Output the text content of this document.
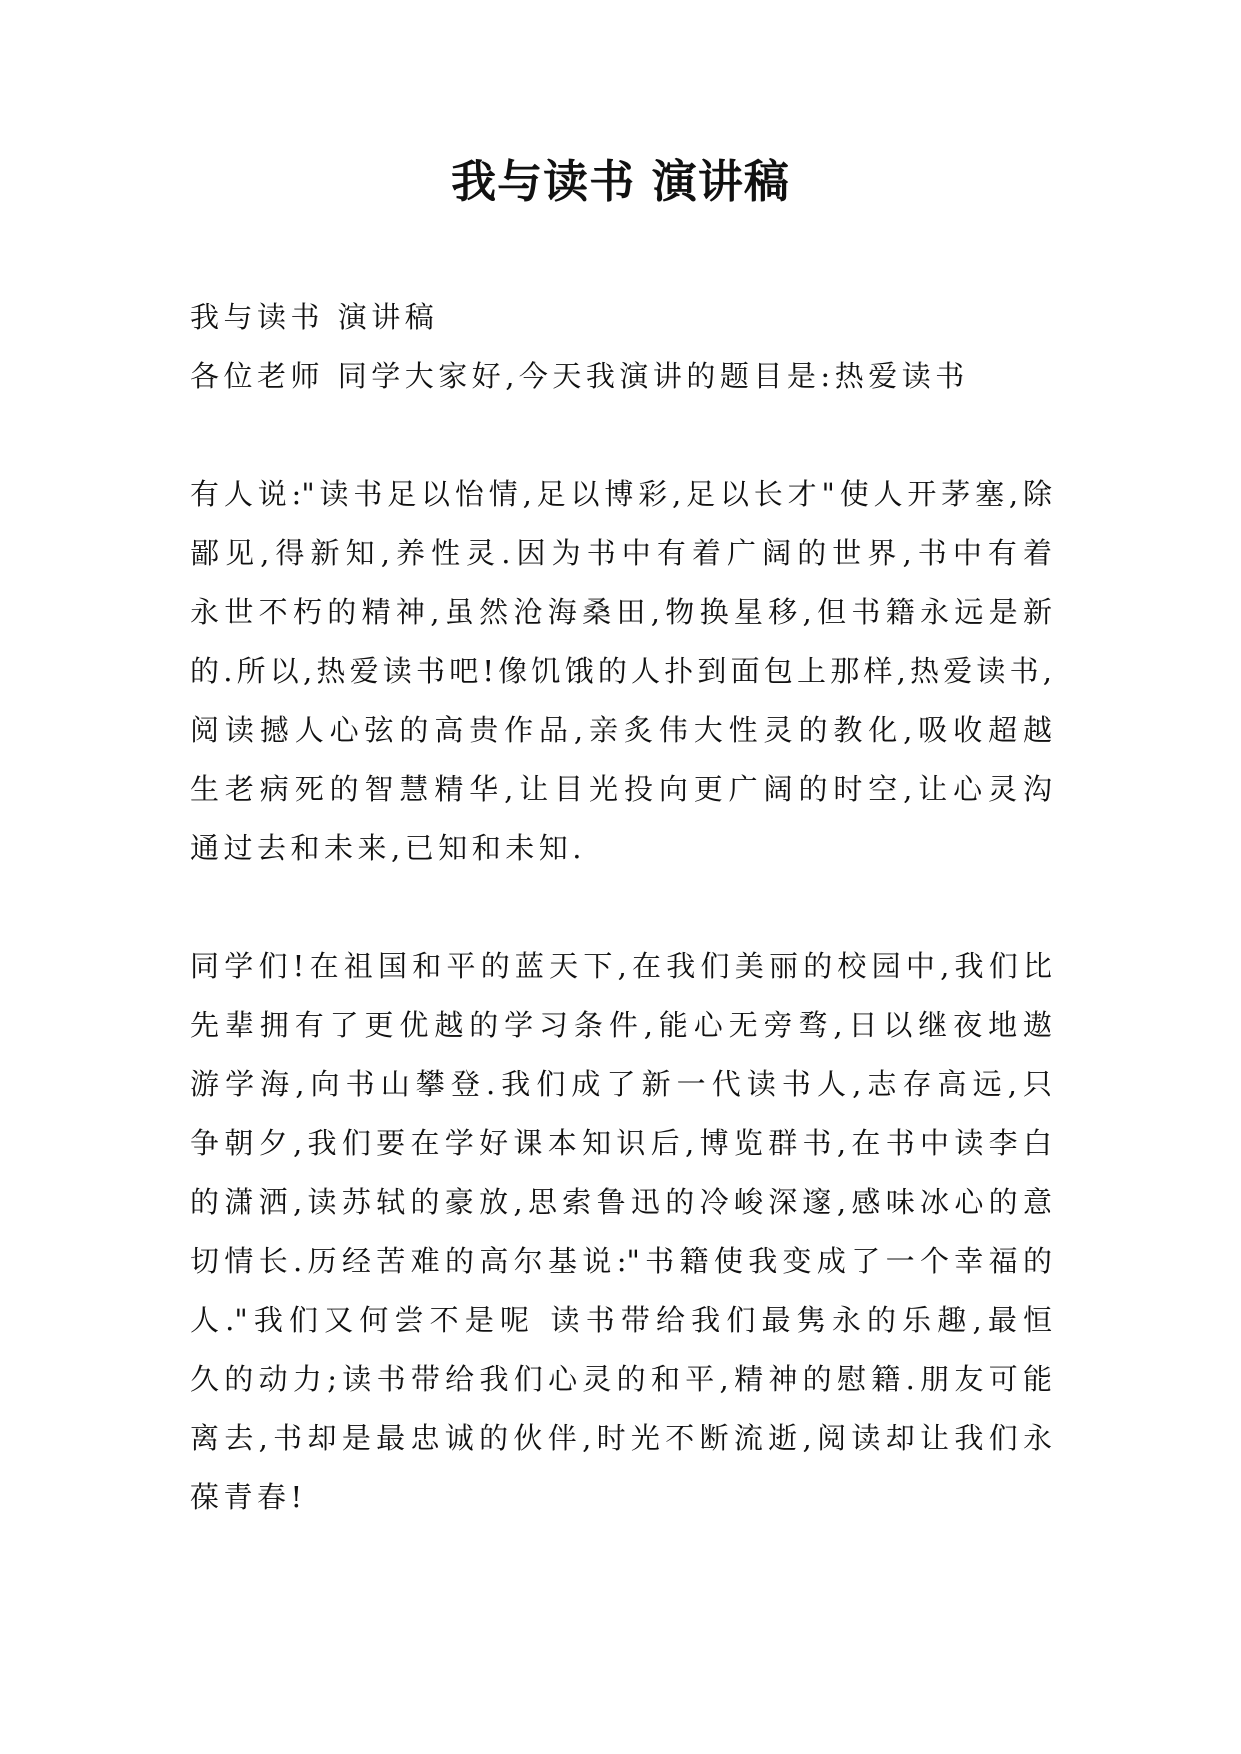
我与读书 演讲稿
我与读书 演讲稿
各位老师 同学大家好,今天我演讲的题目是:热爱读书
有人说:"读书足以怡情,足以博彩,足以长才"使人开茅塞,除
鄙见,得新知,养性灵.因为书中有着广阔的世界,书中有着
永世不朽的精神,虽然沧海桑田,物换星移,但书籍永远是新
的.所以,热爱读书吧!像饥饿的人扑到面包上那样,热爱读书,
阅读撼人心弦的高贵作品,亲炙伟大性灵的教化,吸收超越
生老病死的智慧精华,让目光投向更广阔的时空,让心灵沟
通过去和未来,已知和未知.
同学们!在祖国和平的蓝天下,在我们美丽的校园中,我们比
先辈拥有了更优越的学习条件,能心无旁骛,日以继夜地遨
游学海,向书山攀登.我们成了新一代读书人,志存高远,只
争朝夕,我们要在学好课本知识后,博览群书,在书中读李白
的潇洒,读苏轼的豪放,思索鲁迅的冷峻深邃,感味冰心的意
切情长.历经苦难的高尔基说:"书籍使我变成了一个幸福的
人."我们又何尝不是呢 读书带给我们最隽永的乐趣,最恒
久的动力;读书带给我们心灵的和平,精神的慰籍.朋友可能
离去,书却是最忠诚的伙伴,时光不断流逝,阅读却让我们永
葆青春!
